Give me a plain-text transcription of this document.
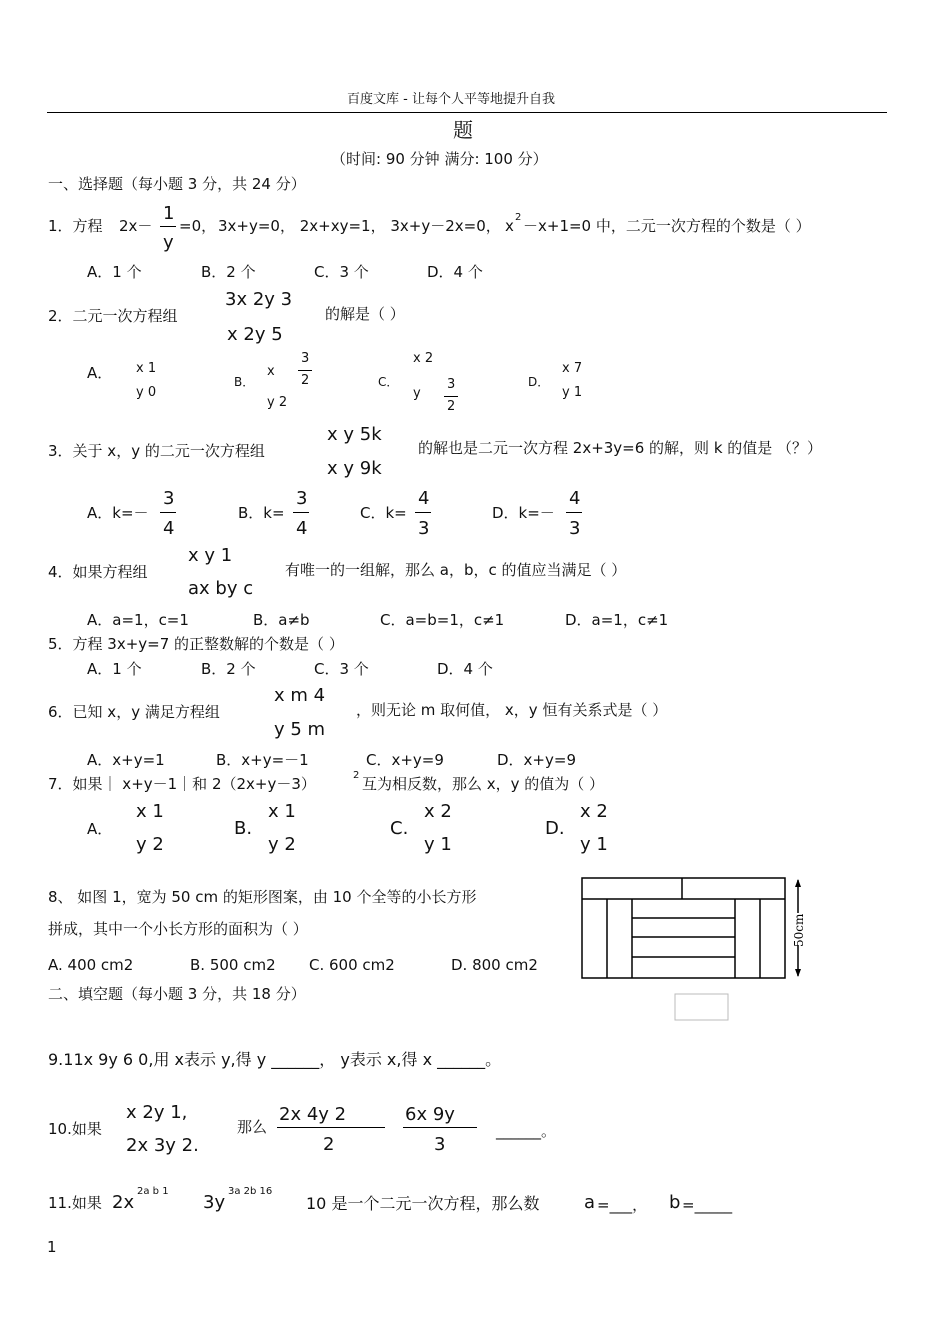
百度文库 - 让每个人平等地提升自我
题
（时间: 90 分钟 满分: 100 分）
一、选择题（每小题 3 分，共 24 分）
1．方程 2x－
1
y
=0， 3x+y=0， 2x+xy=1， 3x+y－2x=0， x 2 －x+1=0 中，二元一次方程的个数是（ ）
A．1 个	B．2 个	C．3 个	D．4 个
2．二元一次方程组
3x 2y 3
x 2y 5
的解是（ ）
A． x 1
y 0
B．
x
3
2
y 2
C．
x 2
y
3
2
D．
x 7
y 1
3．关于 x，y 的二元一次方程组
x y 5k
x y 9k
的解也是二元一次方程 2x+3y=6 的解，则 k 的值是 （？）
A．k=－
3
4
B．k=
3
4
C．k=
4
3
D．k=－
4
3
4．如果方程组
x y 1
ax by c
有唯一的一组解，那么 a，b，c 的值应当满足（ ）
A．a=1，c=1	B．a≠b	C．a=b=1，c≠1	D．a=1，c≠1
5．方程 3x+y=7 的正整数解的个数是（ ）
A．1 个	B．2 个	C．3 个	D．4 个
6．已知 x，y 满足方程组
x m 4
y 5 m
，则无论 m 取何值， x，y 恒有关系式是（ ）
A．x+y=1	B．x+y=－1	C．x+y=9	D．x+y=9
7．如果｜ x+y－1｜和 2（2x+y－3）	2 互为相反数，那么 x，y 的值为（ ）
A．
x 1
y 2
B.
x 1
y 2
C.
x 2
y 1
D.
x 2
y 1
8、 如图 1，宽为 50 cm 的矩形图案，由 10 个全等的小长方形
拼成，其中一个小长方形的面积为（ ）
A. 400 cm2	B. 500 cm2 C. 600 cm2	D. 800 cm2
50cm
二、填空题（每小题 3 分，共 18 分）
9.11x 9y 6 0,用 x表示 y,得 y ______， y表示 x,得 x ______。
10.如果
x 2y 1,
2x 3y 2.
那么
2x 4y 2
2
6x 9y
3
______。
11.如果 2x
2a b 1
3y
3a 2b 16
10 是一个二元一次方程，那么数 a =___， b =_____
1
